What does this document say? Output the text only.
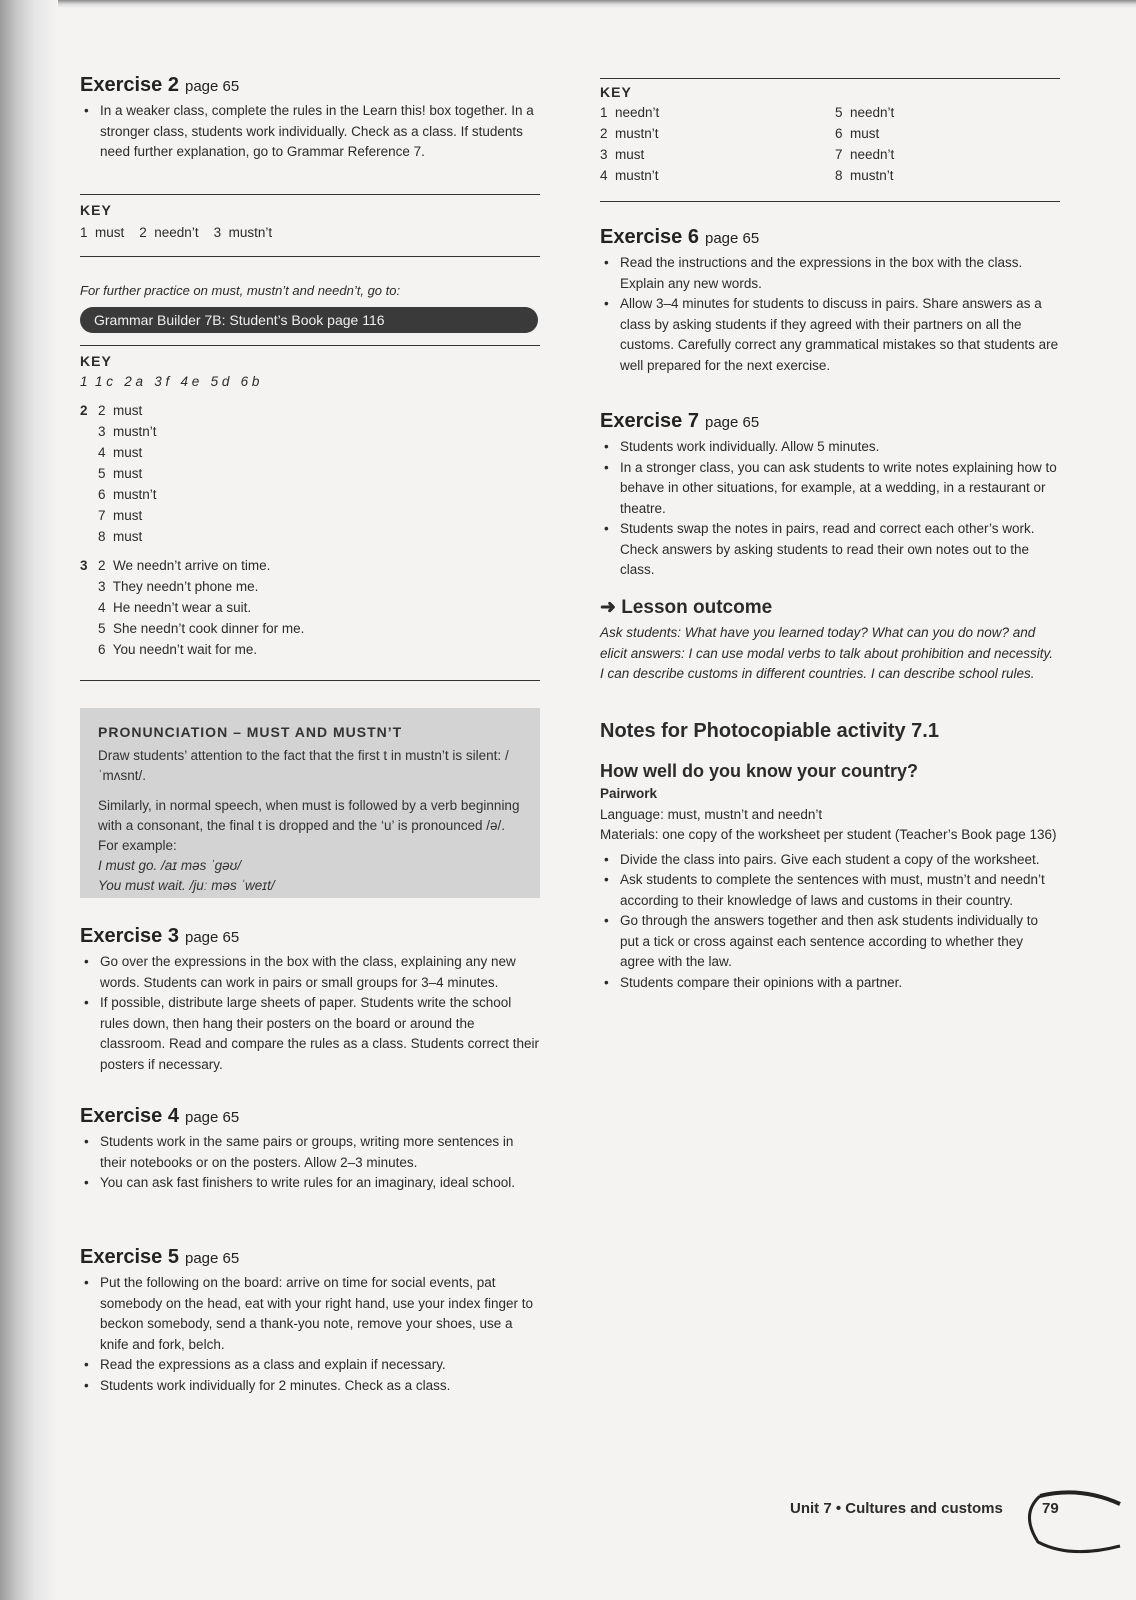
Exercise 2 page 65
• In a weaker class, complete the rules in the Learn this! box together. In a stronger class, students work individually. Check as a class. If students need further explanation, go to Grammar Reference 7.
KEY
1  must    2  needn’t    3  mustn’t
For further practice on must, mustn’t and needn’t, go to:
Grammar Builder 7B: Student’s Book page 116
KEY
1  1 c   2 a   3 f   4 e   5 d   6 b
2 2  must
3  mustn’t
4  must
5  must
6  mustn’t
7  must
8  must
3 2  We needn’t arrive on time.
3  They needn’t phone me.
4  He needn’t wear a suit.
5  She needn’t cook dinner for me.
6  You needn’t wait for me.
PRONUNCIATION – MUST AND MUSTN’T

Draw students’ attention to the fact that the first t in mustn’t is silent: /ˈmʌsnt/.

Similarly, in normal speech, when must is followed by a verb beginning with a consonant, the final t is dropped and the ‘u’ is pronounced /ə/. For example:

I must go. /aɪ məs ˈɡəʊ/
You must wait. /juː məs ˈweɪt/
Exercise 3 page 65
• Go over the expressions in the box with the class, explaining any new words. Students can work in pairs or small groups for 3–4 minutes.
• If possible, distribute large sheets of paper. Students write the school rules down, then hang their posters on the board or around the classroom. Read and compare the rules as a class. Students correct their posters if necessary.
Exercise 4 page 65
• Students work in the same pairs or groups, writing more sentences in their notebooks or on the posters. Allow 2–3 minutes.
• You can ask fast finishers to write rules for an imaginary, ideal school.
Exercise 5 page 65
• Put the following on the board: arrive on time for social events, pat somebody on the head, eat with your right hand, use your index finger to beckon somebody, send a thank-you note, remove your shoes, use a knife and fork, belch.
• Read the expressions as a class and explain if necessary.
• Students work individually for 2 minutes. Check as a class.
KEY
1  needn’t
2  mustn’t
3  must
4  mustn’t
5  needn’t
6  must
7  needn’t
8  mustn’t
Exercise 6 page 65
• Read the instructions and the expressions in the box with the class. Explain any new words.
• Allow 3–4 minutes for students to discuss in pairs. Share answers as a class by asking students if they agreed with their partners on all the customs. Carefully correct any grammatical mistakes so that students are well prepared for the next exercise.
Exercise 7 page 65
• Students work individually. Allow 5 minutes.
• In a stronger class, you can ask students to write notes explaining how to behave in other situations, for example, at a wedding, in a restaurant or theatre.
• Students swap the notes in pairs, read and correct each other’s work. Check answers by asking students to read their own notes out to the class.
➜ Lesson outcome

Ask students: What have you learned today? What can you do now? and elicit answers: I can use modal verbs to talk about prohibition and necessity. I can describe customs in different countries. I can describe school rules.

Notes for Photocopiable activity 7.1
How well do you know your country?

Pairwork

Language: must, mustn’t and needn’t

Materials: one copy of the worksheet per student (Teacher’s Book page 136)

• Divide the class into pairs. Give each student a copy of the worksheet.
• Ask students to complete the sentences with must, mustn’t and needn’t according to their knowledge of laws and customs in their country.
• Go through the answers together and then ask students individually to put a tick or cross against each sentence according to whether they agree with the law.
• Students compare their opinions with a partner.
Unit 7 • Cultures and customs	79
